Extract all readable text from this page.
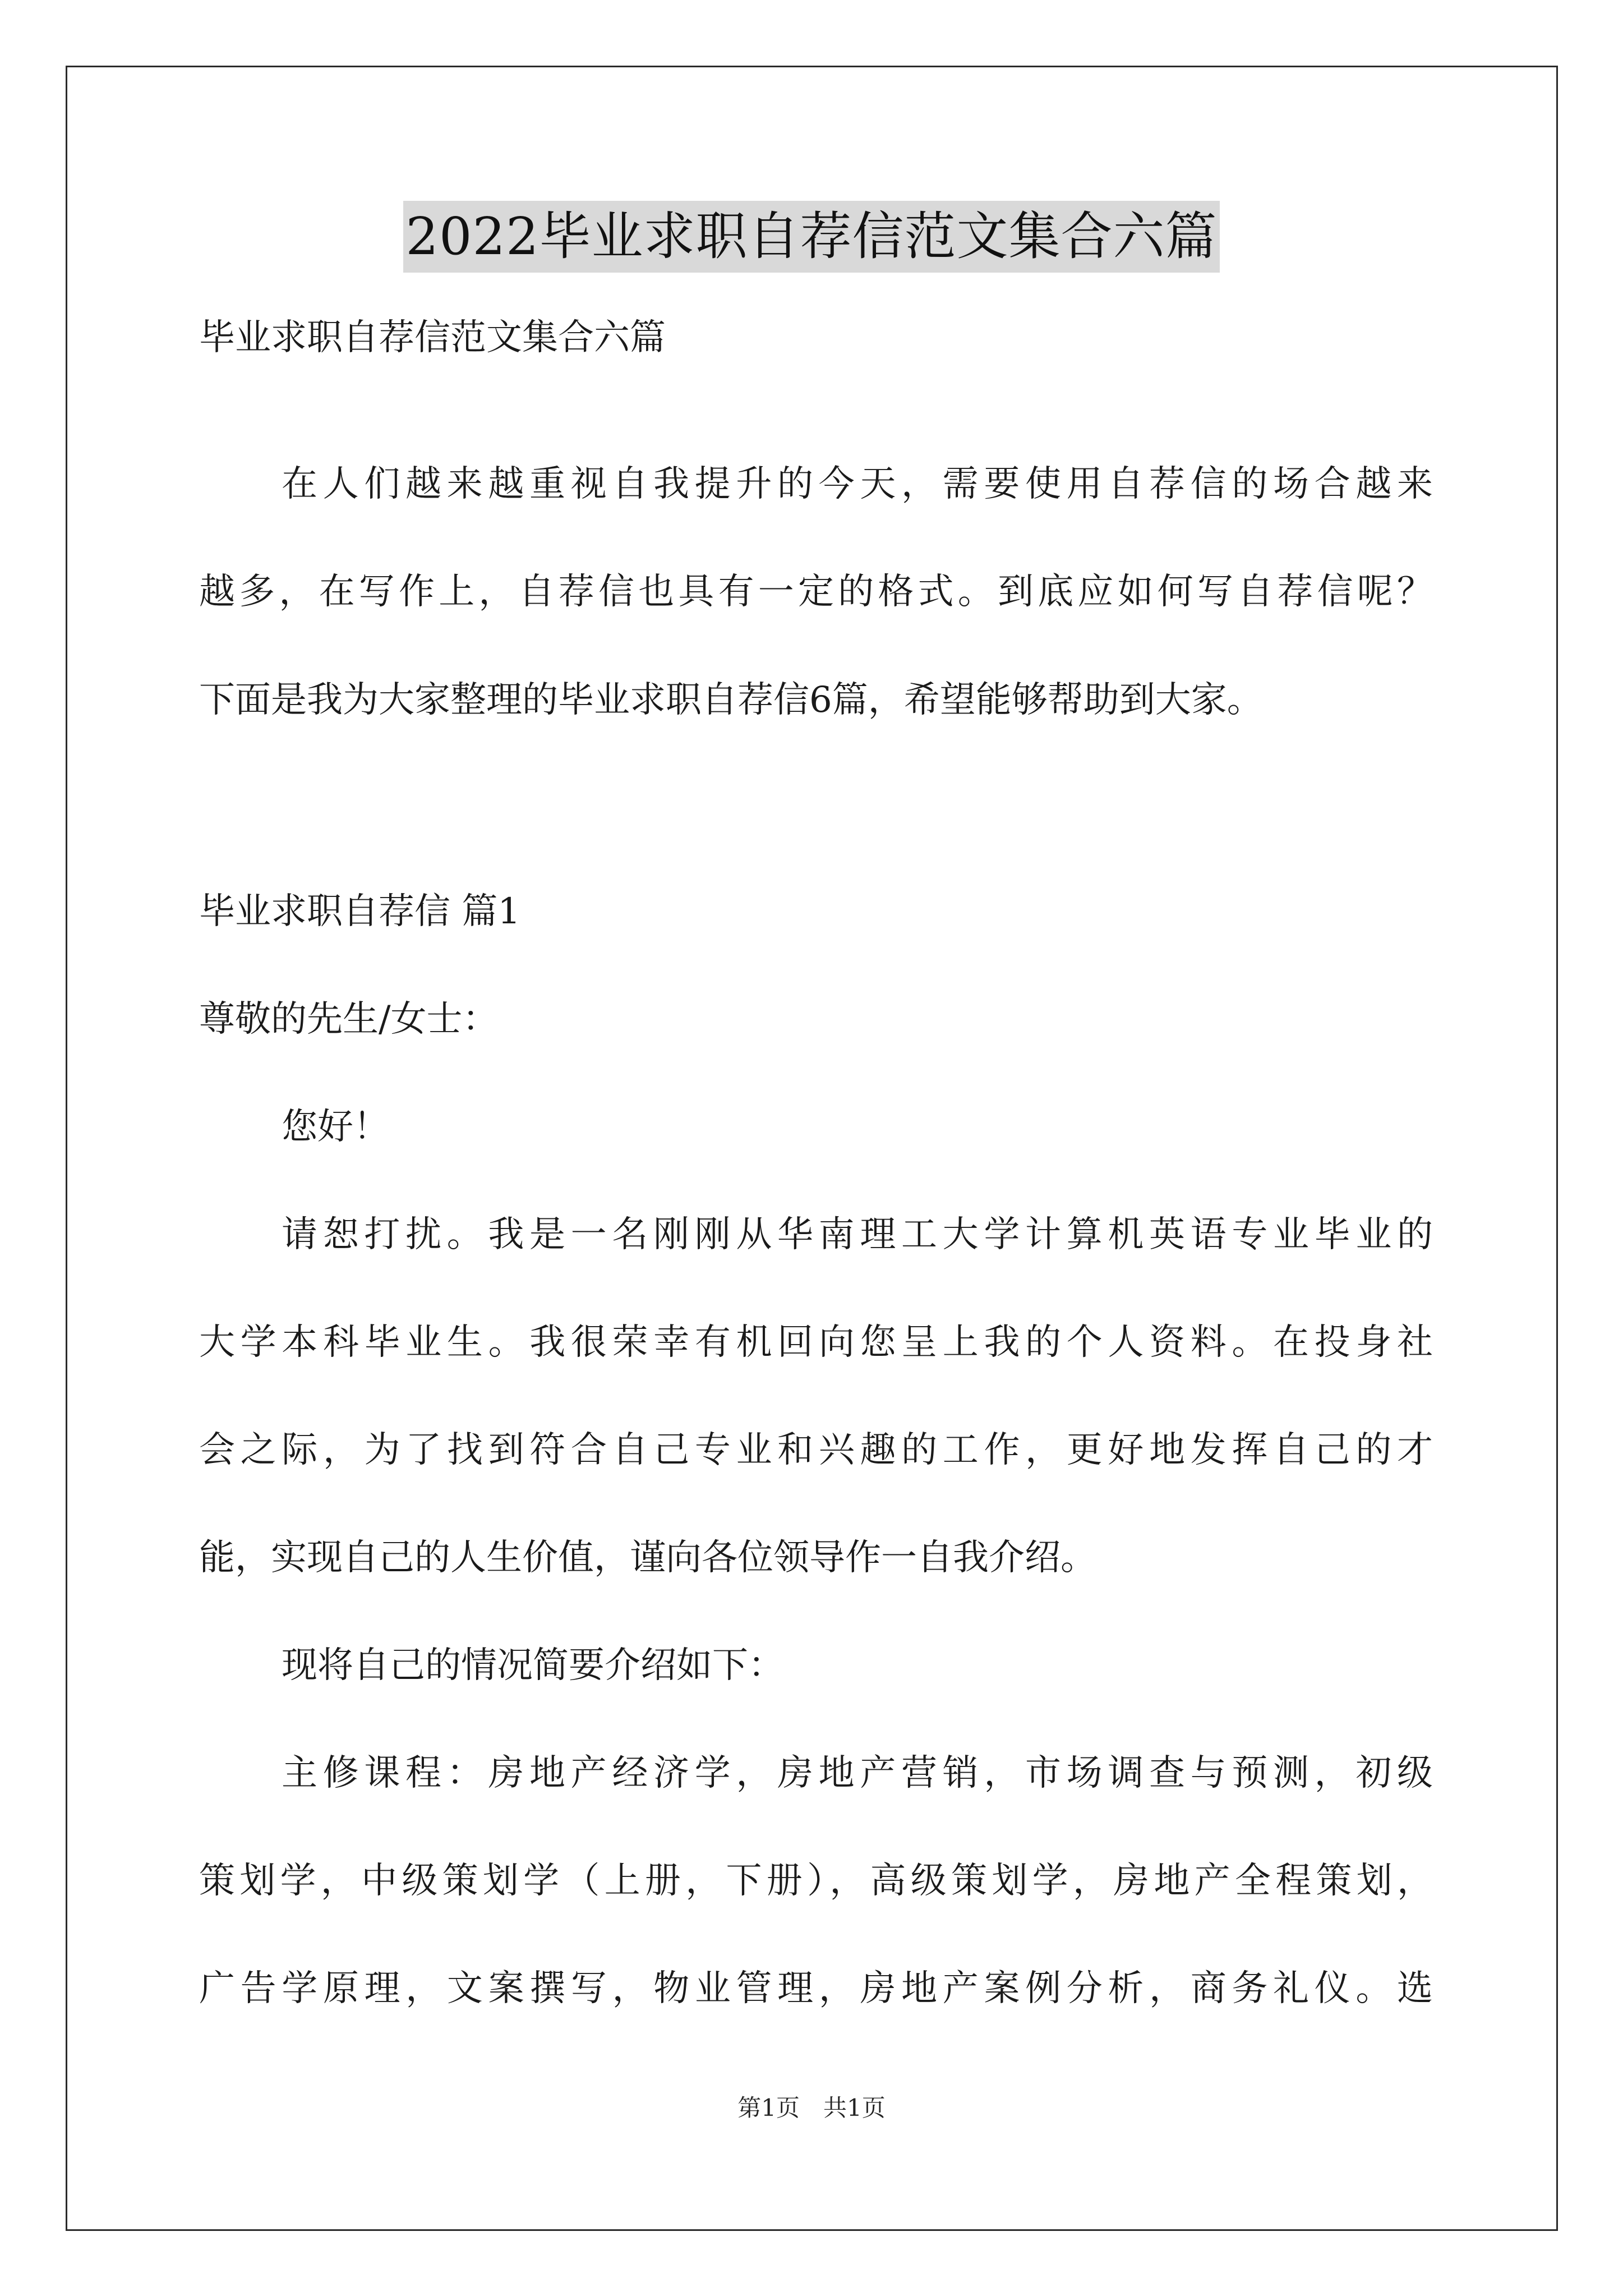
2022毕业求职自荐信范文集合六篇
毕业求职自荐信范文集合六篇
在人们越来越重视自我提升的今天，需要使用自荐信的场合越来
越多，在写作上，自荐信也具有一定的格式。到底应如何写自荐信呢？
下面是我为大家整理的毕业求职自荐信6篇，希望能够帮助到大家。
毕业求职自荐信 篇1
尊敬的先生/女士：
您好！
请恕打扰。我是一名刚刚从华南理工大学计算机英语专业毕业的
大学本科毕业生。我很荣幸有机回向您呈上我的个人资料。在投身社
会之际，为了找到符合自己专业和兴趣的工作，更好地发挥自己的才
能，实现自己的人生价值，谨向各位领导作一自我介绍。
现将自己的情况简要介绍如下：
主修课程：房地产经济学，房地产营销，市场调查与预测，初级
策划学，中级策划学（上册，下册），高级策划学，房地产全程策划，
广告学原理，文案撰写，物业管理，房地产案例分析，商务礼仪。选
第1页　共1页
